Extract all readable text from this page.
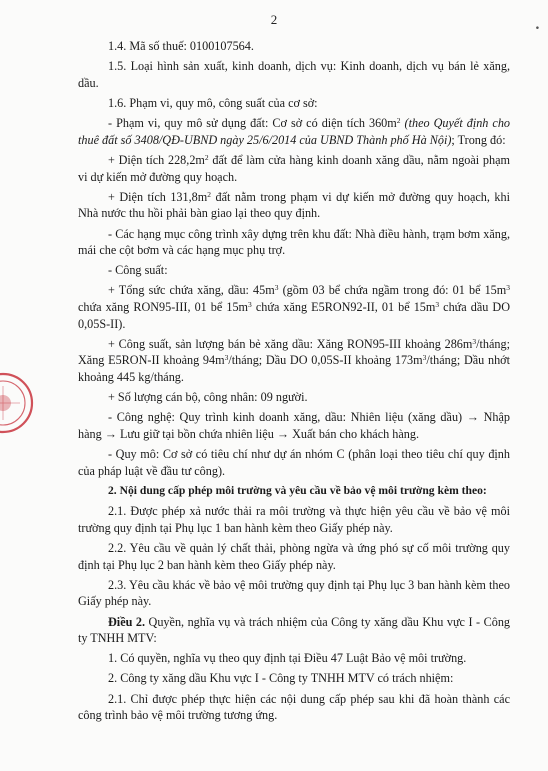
2
•

1.4. Mã số thuế: 0100107564.

1.5. Loại hình sản xuất, kinh doanh, dịch vụ: Kinh doanh, dịch vụ bán lẻ xăng, dầu.

1.6. Phạm vi, quy mô, công suất của cơ sở:

- Phạm vi, quy mô sử dụng đất: Cơ sở có diện tích $360m^2$ (theo Quyết định cho thuê đất số 3408/QĐ-UBND ngày 25/6/2014 của UBND Thành phố Hà Nội); Trong đó:

+ Diện tích $228,2m^2$ đất để làm cửa hàng kinh doanh xăng dầu, nằm ngoài phạm vi dự kiến mở đường quy hoạch.

+ Diện tích $131,8m^2$ đất nằm trong phạm vi dự kiến mở đường quy hoạch, khi Nhà nước thu hồi phải bàn giao lại theo quy định.

- Các hạng mục công trình xây dựng trên khu đất: Nhà điều hành, trạm bơm xăng, mái che cột bơm và các hạng mục phụ trợ.

- Công suất:

+ Tổng sức chứa xăng, dầu: $45m^3$ (gồm 03 bể chứa ngầm trong đó: 01 bể $15m^3$ chứa xăng RON95-III, 01 bể $15m^3$ chứa xăng E5RON92-II, 01 bể $15m^3$ chứa dầu DO 0,05S-II).

+ Công suất, sản lượng bán bẻ xăng dầu: Xăng RON95-III khoảng $286m^3$/tháng; Xăng E5RON-II khoảng $94m^3$/tháng; Dầu DO 0,05S-II khoảng $173m^3$/tháng; Dầu nhớt khoảng 445 kg/tháng.

+ Số lượng cán bộ, công nhân: 09 người.

- Công nghệ: Quy trình kinh doanh xăng, dầu: Nhiên liệu (xăng dầu) → Nhập hàng → Lưu giữ tại bồn chứa nhiên liệu → Xuất bán cho khách hàng.

- Quy mô: Cơ sở có tiêu chí như dự án nhóm C (phân loại theo tiêu chí quy định của pháp luật về đầu tư công).

2. Nội dung cấp phép môi trường và yêu cầu về bảo vệ môi trường kèm theo:

2.1. Được phép xả nước thải ra môi trường và thực hiện yêu cầu về bảo vệ môi trường quy định tại Phụ lục 1 ban hành kèm theo Giấy phép này.

2.2. Yêu cầu về quản lý chất thải, phòng ngừa và ứng phó sự cố môi trường quy định tại Phụ lục 2 ban hành kèm theo Giấy phép này.

2.3. Yêu cầu khác về bảo vệ môi trường quy định tại Phụ lục 3 ban hành kèm theo Giấy phép này.

Điều 2. Quyền, nghĩa vụ và trách nhiệm của Công ty xăng dầu Khu vực I - Công ty TNHH MTV:

1. Có quyền, nghĩa vụ theo quy định tại Điều 47 Luật Bảo vệ môi trường.

2. Công ty xăng dầu Khu vực I - Công ty TNHH MTV có trách nhiệm:

2.1. Chỉ được phép thực hiện các nội dung cấp phép sau khi đã hoàn thành các công trình bảo vệ môi trường tương ứng.
